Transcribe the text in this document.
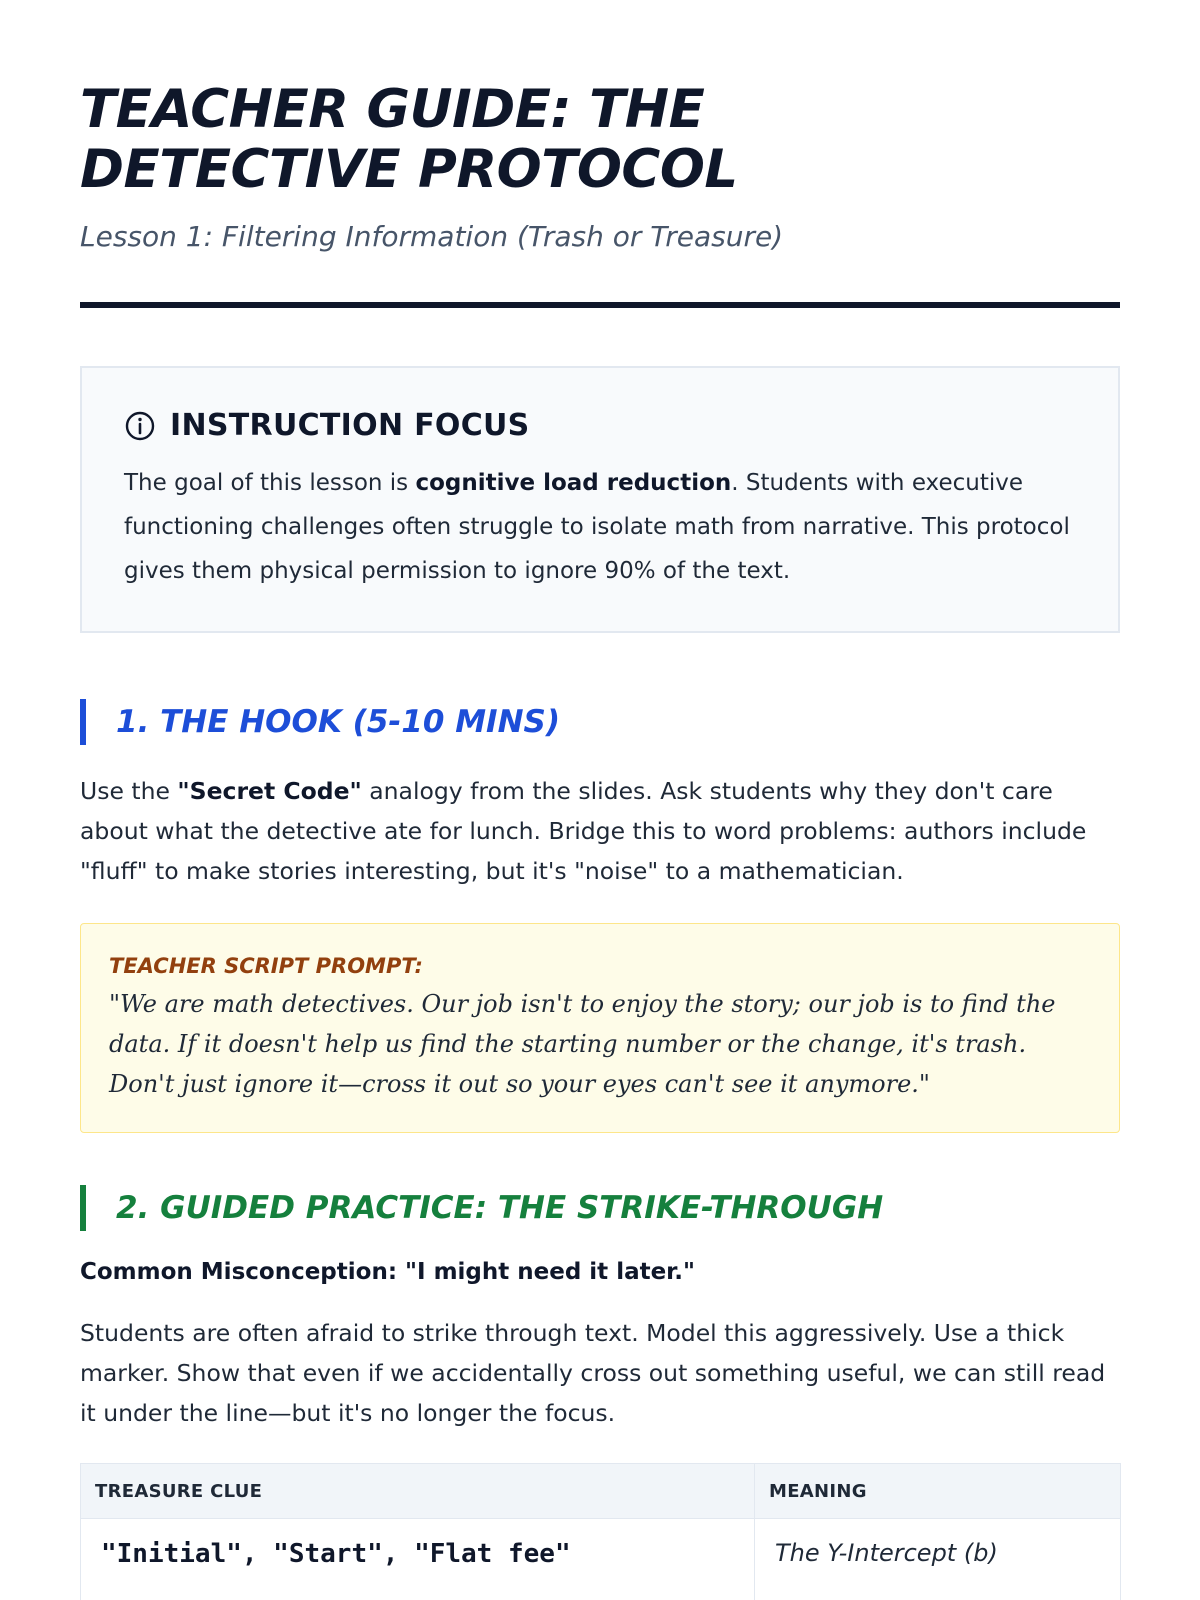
TEACHER GUIDE: THE DETECTIVE PROTOCOL
Lesson 1: Filtering Information (Trash or Treasure)
INSTRUCTION FOCUS

The goal of this lesson is cognitive load reduction. Students with executive functioning challenges often struggle to isolate math from narrative. This protocol gives them physical permission to ignore 90% of the text.

1. THE HOOK (5-10 MINS)

Use the "Secret Code" analogy from the slides. Ask students why they don't care about what the detective ate for lunch. Bridge this to word problems: authors include "fluff" to make stories interesting, but it's "noise" to a mathematician.

TEACHER SCRIPT PROMPT:

"We are math detectives. Our job isn't to enjoy the story; our job is to find the data. If it doesn't help us find the starting number or the change, it's trash. Don't just ignore it—cross it out so your eyes can't see it anymore."

2. GUIDED PRACTICE: THE STRIKE-THROUGH

Common Misconception: "I might need it later."

Students are often afraid to strike through text. Model this aggressively. Use a thick marker. Show that even if we accidentally cross out something useful, we can still read it under the line—but it's no longer the focus.

TREASURE CLUE	MEANING
"Initial", "Start", "Flat fee"	The Y-Intercept (b)
